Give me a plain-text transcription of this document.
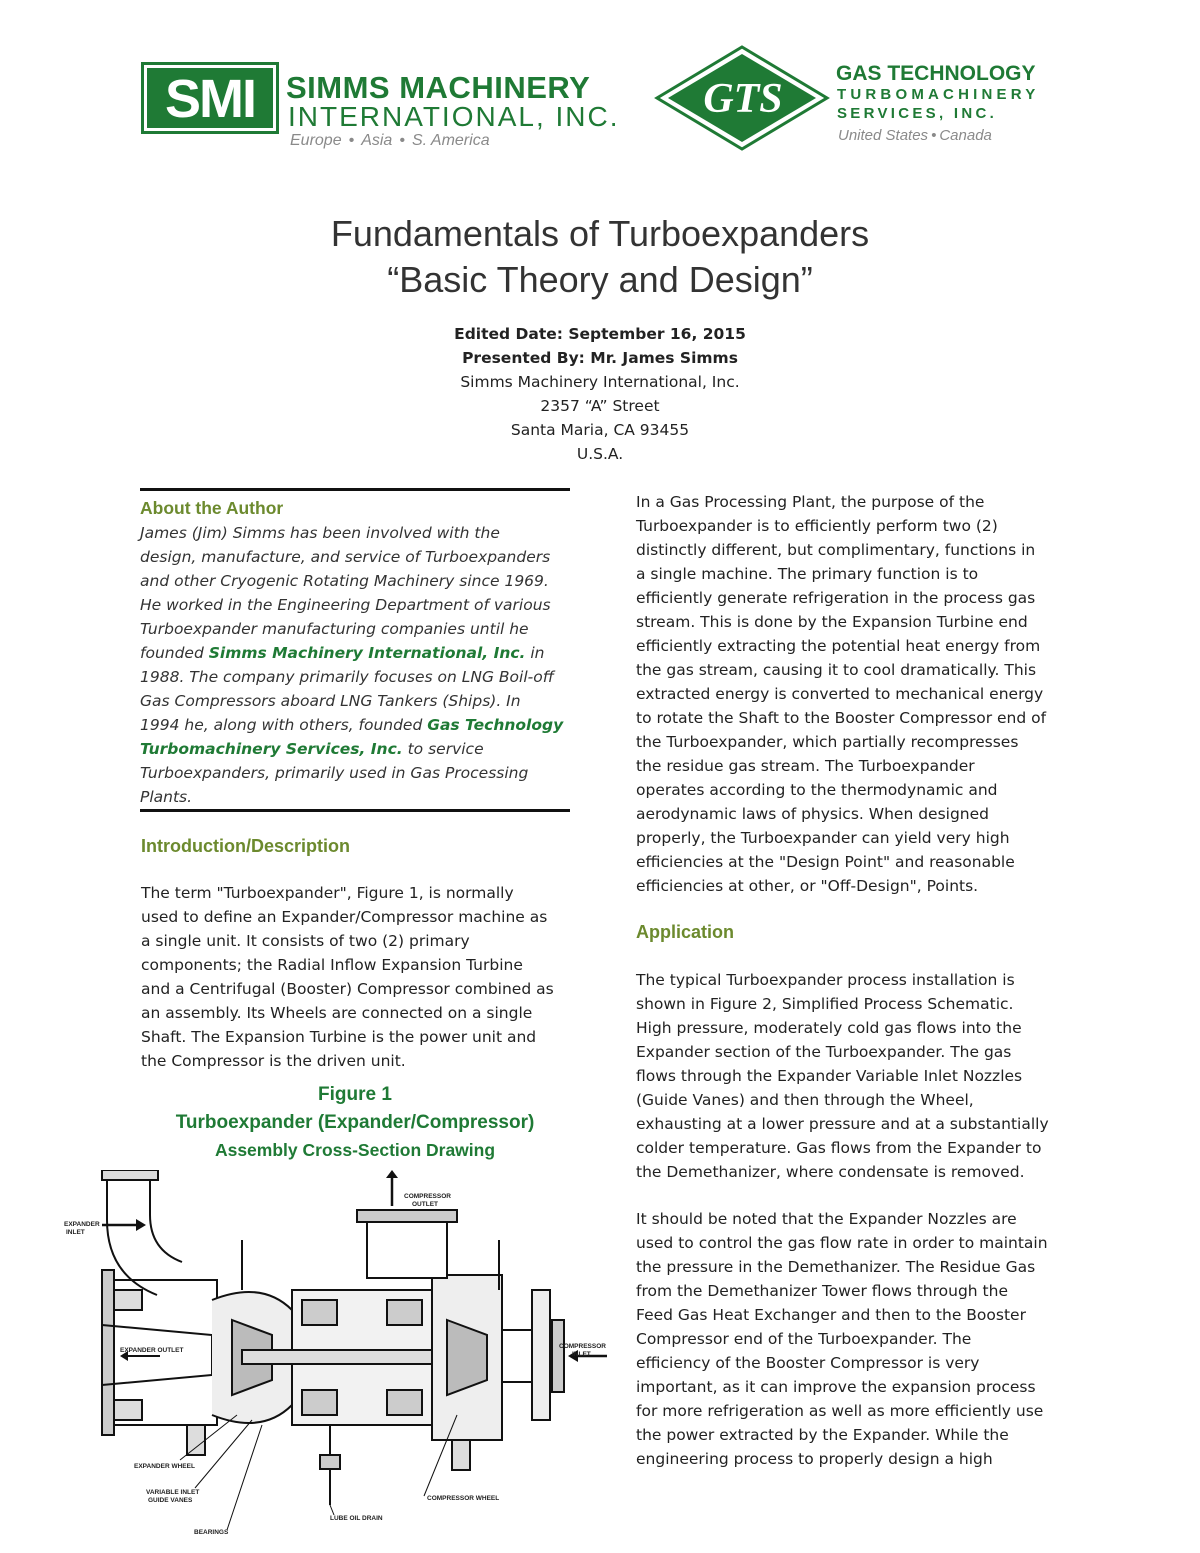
SMI SIMMS MACHINERY
INTERNATIONAL, INC.
Europe • Asia • S. America
GTS
GAS TECHNOLOGY
TURBOMACHINERY
SERVICES, INC.
United States • Canada
Fundamentals of Turboexpanders
“Basic Theory and Design”
Edited Date: September 16, 2015
Presented By: Mr. James Simms
Simms Machinery International, Inc.
2357 “A” Street
Santa Maria, CA 93455
U.S.A.
About the Author
James (Jim) Simms has been involved with the
design, manufacture, and service of Turboexpanders
and other Cryogenic Rotating Machinery since 1969.
He worked in the Engineering Department of various
Turboexpander manufacturing companies until he
founded Simms Machinery International, Inc. in
1988. The company primarily focuses on LNG Boil-off
Gas Compressors aboard LNG Tankers (Ships). In
1994 he, along with others, founded Gas Technology
Turbomachinery Services, Inc. to service
Turboexpanders, primarily used in Gas Processing
Plants.
Introduction/Description
The term "Turboexpander", Figure 1, is normally
used to define an Expander/Compressor machine as
a single unit. It consists of two (2) primary
components; the Radial Inflow Expansion Turbine
and a Centrifugal (Booster) Compressor combined as
an assembly. Its Wheels are connected on a single
Shaft. The Expansion Turbine is the power unit and
the Compressor is the driven unit.
Figure 1
Turboexpander (Expander/Compressor)
Assembly Cross-Section Drawing
COMPRESSOR
OUTLET
EXPANDER
INLET
EXPANDER OUTLET
COMPRESSOR
INLET
EXPANDER WHEEL
VARIABLE INLET
GUIDE VANES
BEARINGS
LUBE OIL DRAIN
COMPRESSOR WHEEL
In a Gas Processing Plant, the purpose of the
Turboexpander is to efficiently perform two (2)
distinctly different, but complimentary, functions in
a single machine. The primary function is to
efficiently generate refrigeration in the process gas
stream. This is done by the Expansion Turbine end
efficiently extracting the potential heat energy from
the gas stream, causing it to cool dramatically. This
extracted energy is converted to mechanical energy
to rotate the Shaft to the Booster Compressor end of
the Turboexpander, which partially recompresses
the residue gas stream. The Turboexpander
operates according to the thermodynamic and
aerodynamic laws of physics. When designed
properly, the Turboexpander can yield very high
efficiencies at the "Design Point" and reasonable
efficiencies at other, or "Off-Design", Points.
Application
The typical Turboexpander process installation is
shown in Figure 2, Simplified Process Schematic.
High pressure, moderately cold gas flows into the
Expander section of the Turboexpander. The gas
flows through the Expander Variable Inlet Nozzles
(Guide Vanes) and then through the Wheel,
exhausting at a lower pressure and at a substantially
colder temperature. Gas flows from the Expander to
the Demethanizer, where condensate is removed.
It should be noted that the Expander Nozzles are
used to control the gas flow rate in order to maintain
the pressure in the Demethanizer. The Residue Gas
from the Demethanizer Tower flows through the
Feed Gas Heat Exchanger and then to the Booster
Compressor end of the Turboexpander. The
efficiency of the Booster Compressor is very
important, as it can improve the expansion process
for more refrigeration as well as more efficiently use
the power extracted by the Expander. While the
engineering process to properly design a high
